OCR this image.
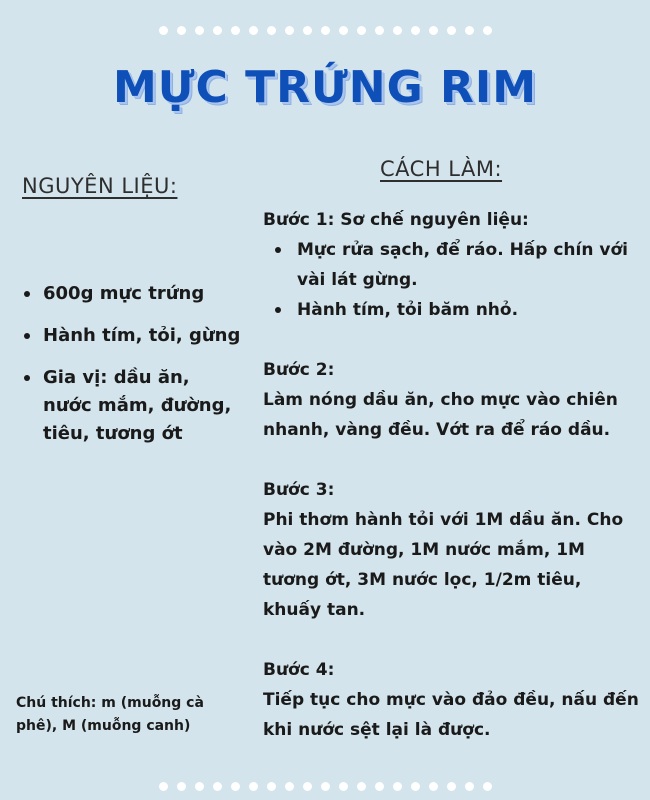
MỰC TRỨNG RIM
NGUYÊN LIỆU:
CÁCH LÀM:
600g mực trứng
Hành tím, tỏi, gừng
Gia vị: dầu ăn, nước mắm, đường, tiêu, tương ớt
Chú thích: m (muỗng cà phê), M (muỗng canh)
Bước 1: Sơ chế nguyên liệu:
Mực rửa sạch, để ráo. Hấp chín với vài lát gừng.
Hành tím, tỏi băm nhỏ.
Bước 2:
Làm nóng dầu ăn, cho mực vào chiên nhanh, vàng đều. Vớt ra để ráo dầu.
Bước 3:
Phi thơm hành tỏi với 1M dầu ăn. Cho vào 2M đường, 1M nước mắm, 1M tương ớt, 3M nước lọc, 1/2m tiêu, khuấy tan.
Bước 4:
Tiếp tục cho mực vào đảo đều, nấu đến khi nước sệt lại là được.
